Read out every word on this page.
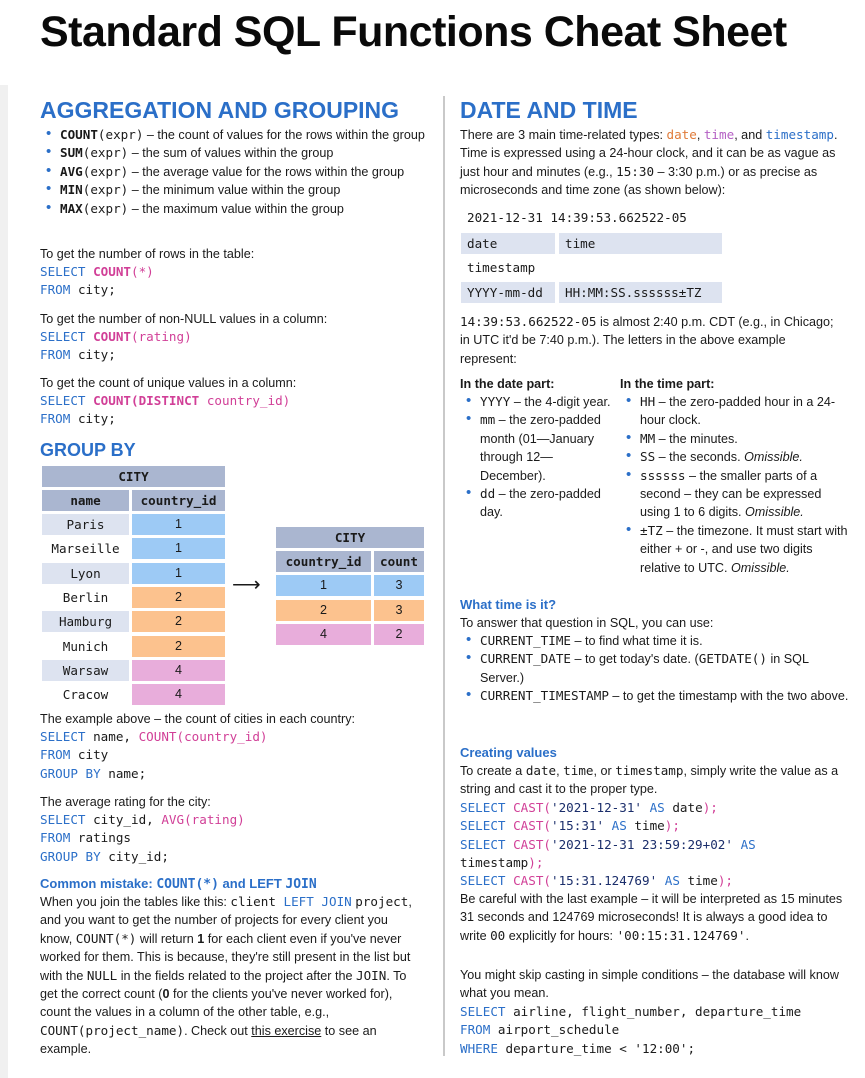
Standard SQL Functions Cheat Sheet
AGGREGATION AND GROUPING
• COUNT(expr) – the count of values for the rows within the group
• SUM(expr) – the sum of values within the group
• AVG(expr) – the average value for the rows within the group
• MIN(expr) – the minimum value within the group
• MAX(expr) – the maximum value within the group
To get the number of rows in the table:
SELECT COUNT(*)
FROM city;
To get the number of non-NULL values in a column:
SELECT COUNT(rating)
FROM city;
To get the count of unique values in a column:
SELECT COUNT(DISTINCT country_id)
FROM city;
GROUP BY
CITY
name	country_id
Paris	1
Marseille	1
Lyon	1
Berlin	2
Hamburg	2
Munich	2
Warsaw	4
Cracow	4
CITY
country_id	count
1	3
2	3
4	2
⟶
The example above – the count of cities in each country:
SELECT name, COUNT(country_id)
FROM city
GROUP BY name;
The average rating for the city:
SELECT city_id, AVG(rating)
FROM ratings
GROUP BY city_id;
Common mistake: COUNT(*) and LEFT JOIN
When you join the tables like this: client LEFT JOIN project, and you want to get the number of projects for every client you know, COUNT(*) will return 1 for each client even if you've never worked for them. This is because, they're still present in the list but with the NULL in the fields related to the project after the JOIN. To get the correct count (0 for the clients you've never worked for), count the values in a column of the other table, e.g., COUNT(project_name). Check out this exercise to see an example.
DATE AND TIME
There are 3 main time-related types: date, time, and timestamp. Time is expressed using a 24-hour clock, and it can be as vague as just hour and minutes (e.g., 15:30 – 3:30 p.m.) or as precise as microseconds and time zone (as shown below):
2021-12-31 14:39:53.662522-05
date	time
timestamp
YYYY-mm-dd	HH:MM:SS.ssssss±TZ
14:39:53.662522-05 is almost 2:40 p.m. CDT (e.g., in Chicago; in UTC it'd be 7:40 p.m.). The letters in the above example represent:
In the date part:
• YYYY – the 4-digit year.
• mm – the zero-padded month (01—January through 12—December).
• dd – the zero-padded day.
In the time part:
• HH – the zero-padded hour in a 24-hour clock.
• MM – the minutes.
• SS – the seconds. Omissible.
• ssssss – the smaller parts of a second – they can be expressed using 1 to 6 digits. Omissible.
• ±TZ – the timezone. It must start with either + or -, and use two digits relative to UTC. Omissible.
What time is it?
To answer that question in SQL, you can use:
• CURRENT_TIME – to find what time it is.
• CURRENT_DATE – to get today's date. (GETDATE() in SQL Server.)
• CURRENT_TIMESTAMP – to get the timestamp with the two above.
Creating values
To create a date, time, or timestamp, simply write the value as a string and cast it to the proper type.
SELECT CAST('2021-12-31' AS date);
SELECT CAST('15:31' AS time);
SELECT CAST('2021-12-31 23:59:29+02' AS
timestamp);
SELECT CAST('15:31.124769' AS time);
Be careful with the last example – it will be interpreted as 15 minutes 31 seconds and 124769 microseconds! It is always a good idea to write 00 explicitly for hours: '00:15:31.124769'.
You might skip casting in simple conditions – the database will know what you mean.
SELECT airline, flight_number, departure_time
FROM airport_schedule
WHERE departure_time < '12:00';
